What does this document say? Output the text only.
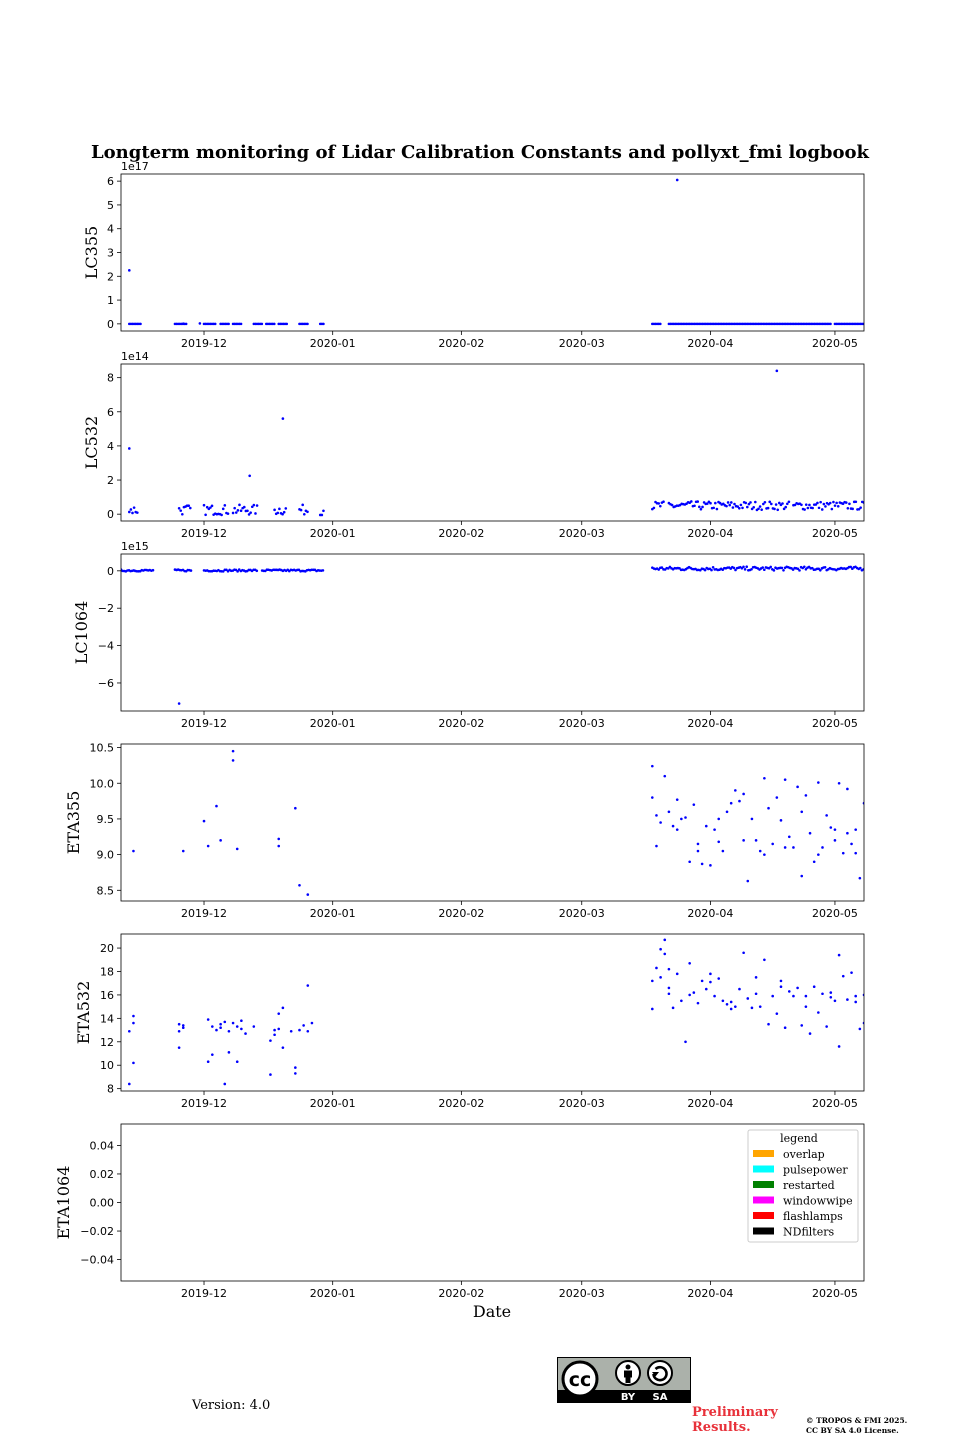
Longterm monitoring of Lidar Calibration Constants and pollyxt_fmi logbook
2019-12	2020-01	2020-02	2020-03	2020-04	2020-05
0
1
2
3
4
5
6
1e17
LC355
2019-12	2020-01	2020-02	2020-03	2020-04	2020-05
0
2
4
6
8
1e14
LC532
2019-12	2020-01	2020-02	2020-03	2020-04	2020-05
0
−2
−4
−6
1e15
LC1064
2019-12	2020-01	2020-02	2020-03	2020-04	2020-05
8.5
9.0
9.5
10.0
10.5
ETA355
2019-12	2020-01	2020-02	2020-03	2020-04	2020-05
8
10
12
14
16
18
20
ETA532
2019-12	2020-01	2020-02	2020-03	2020-04	2020-05
0.04
0.02
0.00
−0.02
−0.04
ETA1064
legend
overlap
pulsepower
restarted
windowwipe
flashlamps
NDfilters
Date
Version: 4.0
cc
BY SA
Preliminary Results.	© TROPOS & FMI 2025.
CC BY SA 4.0 License.
